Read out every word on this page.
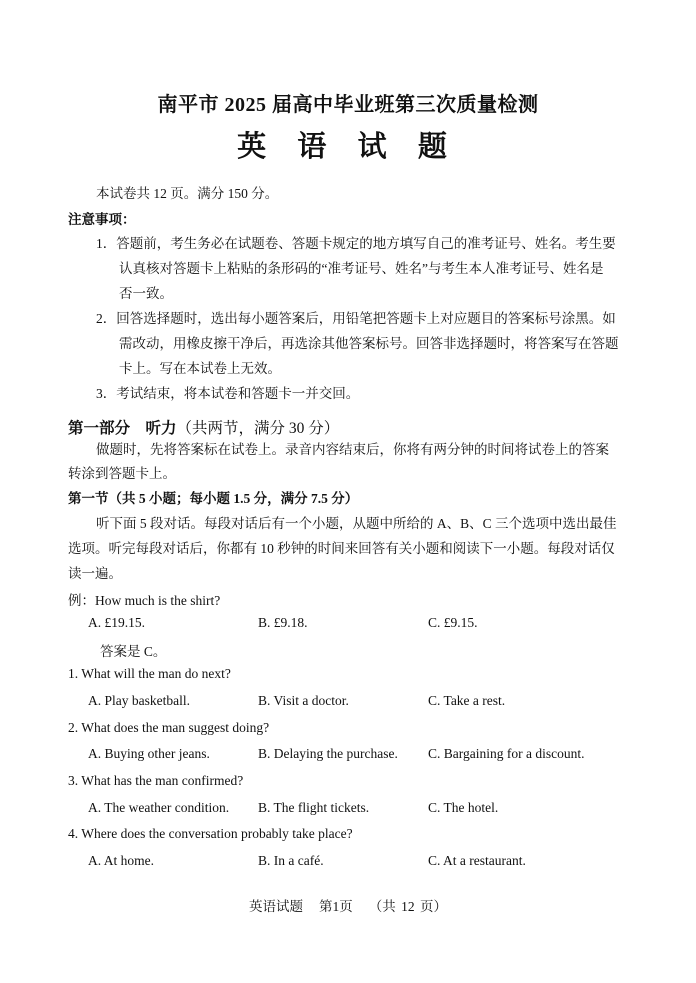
南平市 2025 届高中毕业班第三次质量检测
英 语 试 题
本试卷共 12 页。满分 150 分。
注意事项：
1．答题前，考生务必在试题卷、答题卡规定的地方填写自己的准考证号、姓名。考生要
认真核对答题卡上粘贴的条形码的“准考证号、姓名”与考生本人准考证号、姓名是
否一致。
2．回答选择题时，选出每小题答案后，用铅笔把答题卡上对应题目的答案标号涂黑。如
需改动，用橡皮擦干净后，再选涂其他答案标号。回答非选择题时，将答案写在答题
卡上。写在本试卷上无效。
3．考试结束，将本试卷和答题卡一并交回。
第一部分　听力（共两节，满分 30 分）
做题时，先将答案标在试卷上。录音内容结束后，你将有两分钟的时间将试卷上的答案
转涂到答题卡上。
第一节（共 5 小题；每小题 1.5 分，满分 7.5 分）
听下面 5 段对话。每段对话后有一个小题，从题中所给的 A、B、C 三个选项中选出最佳
选项。听完每段对话后，你都有 10 秒钟的时间来回答有关小题和阅读下一小题。每段对话仅
读一遍。
例：How much is the shirt?
A. £19.15.	B. £9.18.	C. £9.15.
答案是 C。
1. What will the man do next?
A. Play basketball.	B. Visit a doctor.	C. Take a rest.
2. What does the man suggest doing?
A. Buying other jeans.	B. Delaying the purchase. C. Bargaining for a discount.
3. What has the man confirmed?
A. The weather condition. B. The flight tickets.	C. The hotel.
4. Where does the conversation probably take place?
A. At home.	B. In a café.	C. At a restaurant.
英语试题 第1页 （共 12 页）
